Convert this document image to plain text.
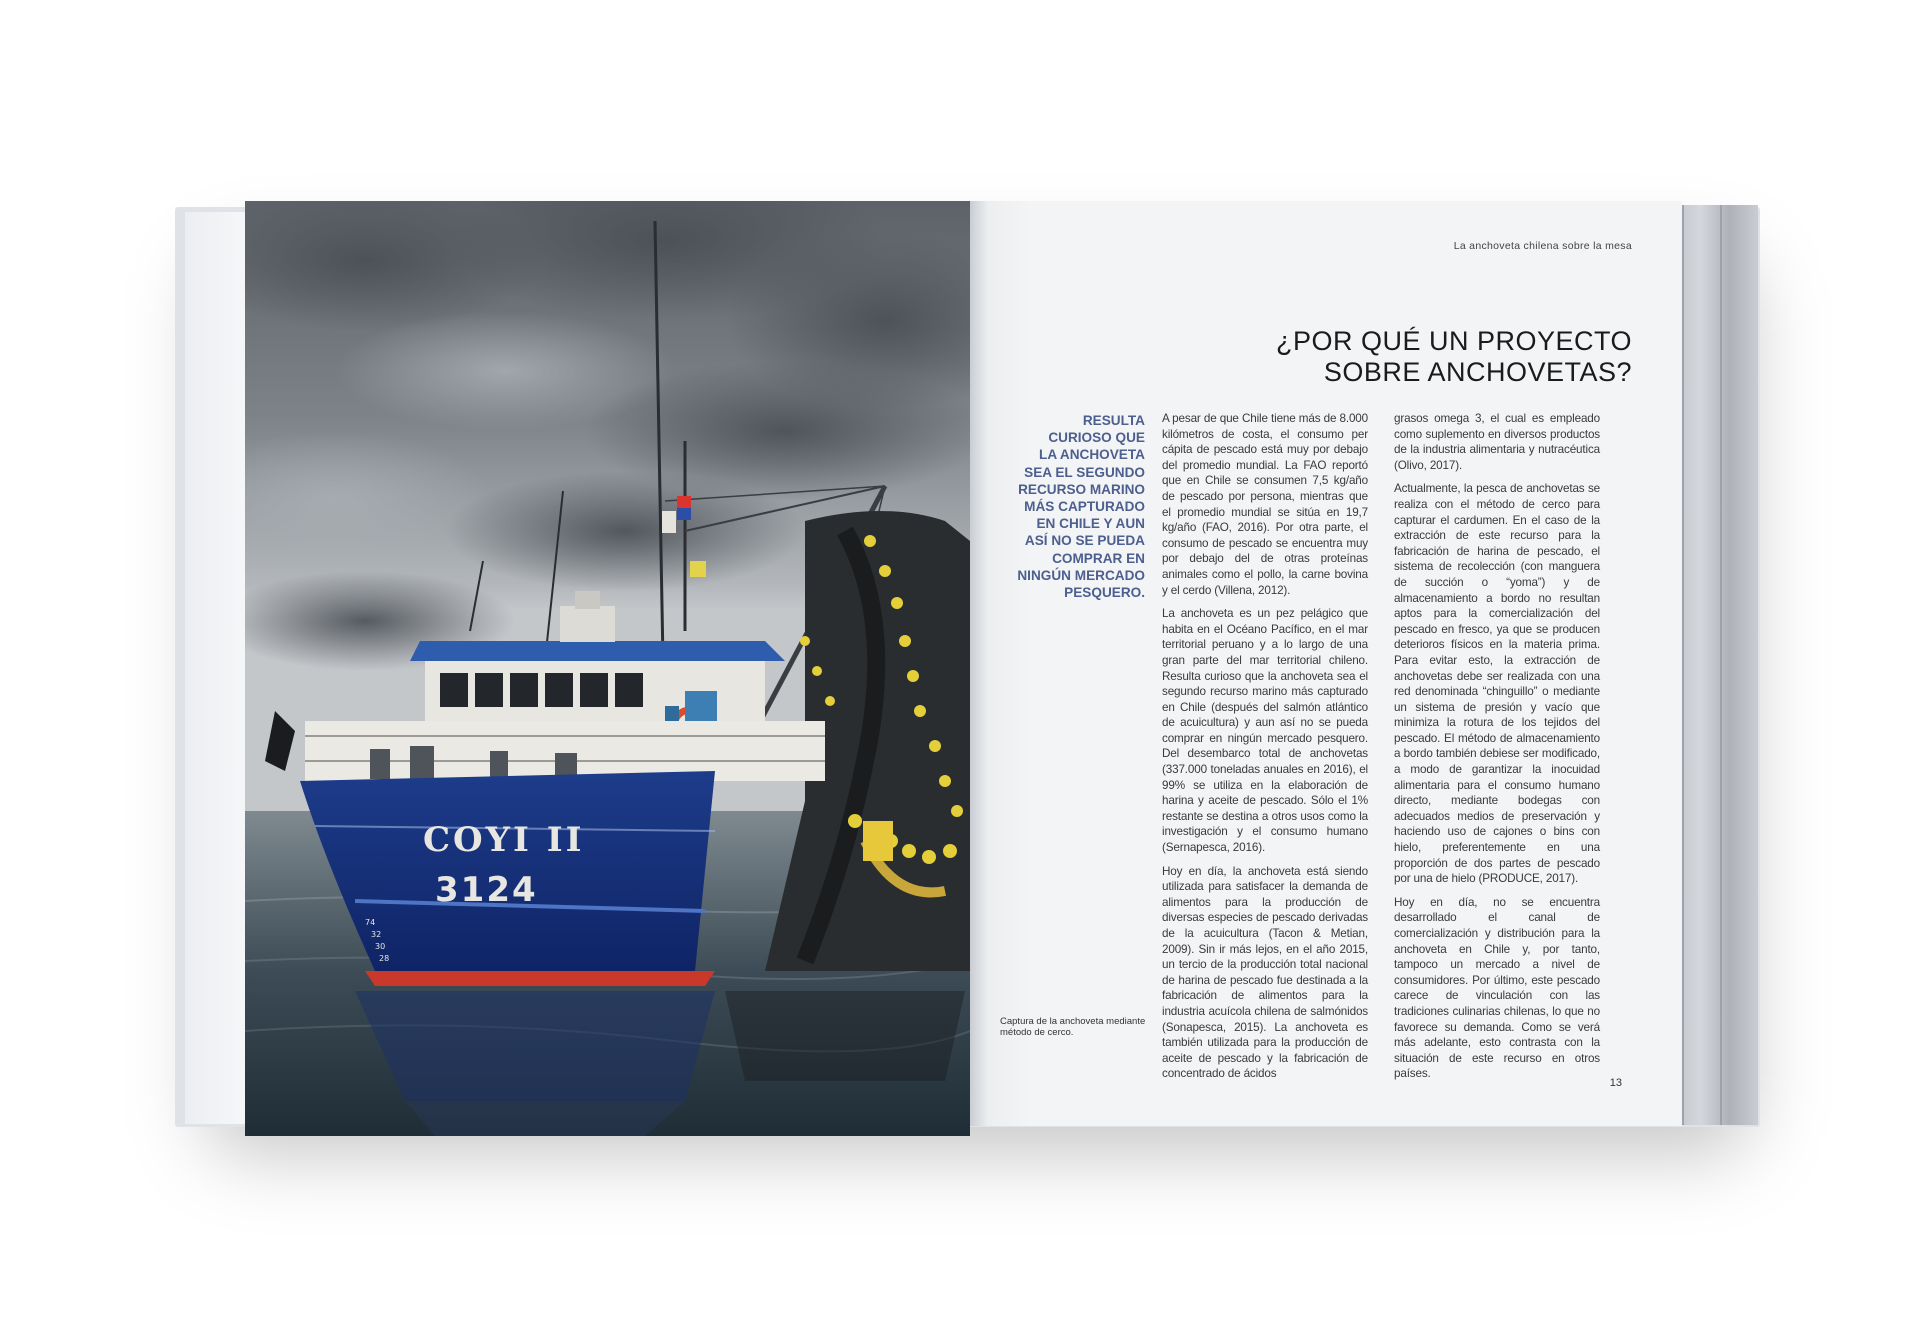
COYI II
3124
74
32
30
28
La anchoveta chilena sobre la mesa
¿POR QUÉ UN PROYECTO
SOBRE ANCHOVETAS?
RESULTA
CURIOSO QUE
LA ANCHOVETA
SEA EL SEGUNDO
RECURSO MARINO
MÁS CAPTURADO
EN CHILE Y AUN
ASÍ NO SE PUEDA
COMPRAR EN
NINGÚN MERCADO
PESQUERO.

A pesar de que Chile tiene más de 8.000 kilómetros de costa, el consumo per cápita de pescado está muy por debajo del promedio mundial. La FAO reportó que en Chile se consumen 7,5 kg/año de pescado por persona, mientras que el promedio mundial se sitúa en 19,7 kg/año (FAO, 2016). Por otra parte, el consumo de pescado se encuentra muy por debajo del de otras proteínas animales como el pollo, la carne bovina y el cerdo (Villena, 2012).

La anchoveta es un pez pelágico que habita en el Océano Pacífico, en el mar territorial peruano y a lo largo de una gran parte del mar territorial chileno. Resulta curioso que la anchoveta sea el segundo recurso marino más capturado en Chile (después del salmón atlántico de acuicultura) y aun así no se pueda comprar en ningún mercado pesquero. Del desembarco total de anchovetas (337.000 toneladas anuales en 2016), el 99% se utiliza en la elaboración de harina y aceite de pescado. Sólo el 1% restante se destina a otros usos como la investigación y el consumo humano (Sernapesca, 2016).

Hoy en día, la anchoveta está siendo utilizada para satisfacer la demanda de alimentos para la producción de diversas especies de pescado derivadas de la acuicultura (Tacon & Metian, 2009). Sin ir más lejos, en el año 2015, un tercio de la producción total nacional de harina de pescado fue destinada a la fabricación de alimentos para la industria acuícola chilena de salmónidos (Sonapesca, 2015). La anchoveta es también utilizada para la producción de aceite de pescado y la fabricación de concentrado de ácidos

grasos omega 3, el cual es empleado como suplemento en diversos productos de la industria alimentaria y nutracéutica (Olivo, 2017).

Actualmente, la pesca de anchovetas se realiza con el método de cerco para capturar el cardumen. En el caso de la extracción de este recurso para la fabricación de harina de pescado, el sistema de recolección (con manguera de succión o “yoma”) y de almacenamiento a bordo no resultan aptos para la comercialización del pescado en fresco, ya que se producen deterioros físicos en la materia prima. Para evitar esto, la extracción de anchovetas debe ser realizada con una red denominada “chinguillo” o mediante un sistema de presión y vacío que minimiza la rotura de los tejidos del pescado. El método de almacenamiento a bordo también debiese ser modificado, a modo de garantizar la inocuidad alimentaria para el consumo humano directo, mediante bodegas con adecuados medios de preservación y haciendo uso de cajones o bins con hielo, preferentemente en una proporción de dos partes de pescado por una de hielo (PRODUCE, 2017).

Hoy en día, no se encuentra desarrollado el canal de comercialización y distribución para la anchoveta en Chile y, por tanto, tampoco un mercado a nivel de consumidores. Por último, este pescado carece de vinculación con las tradiciones culinarias chilenas, lo que no favorece su demanda. Como se verá más adelante, esto contrasta con la situación de este recurso en otros países.

13
Captura de la anchoveta mediante método de cerco.
